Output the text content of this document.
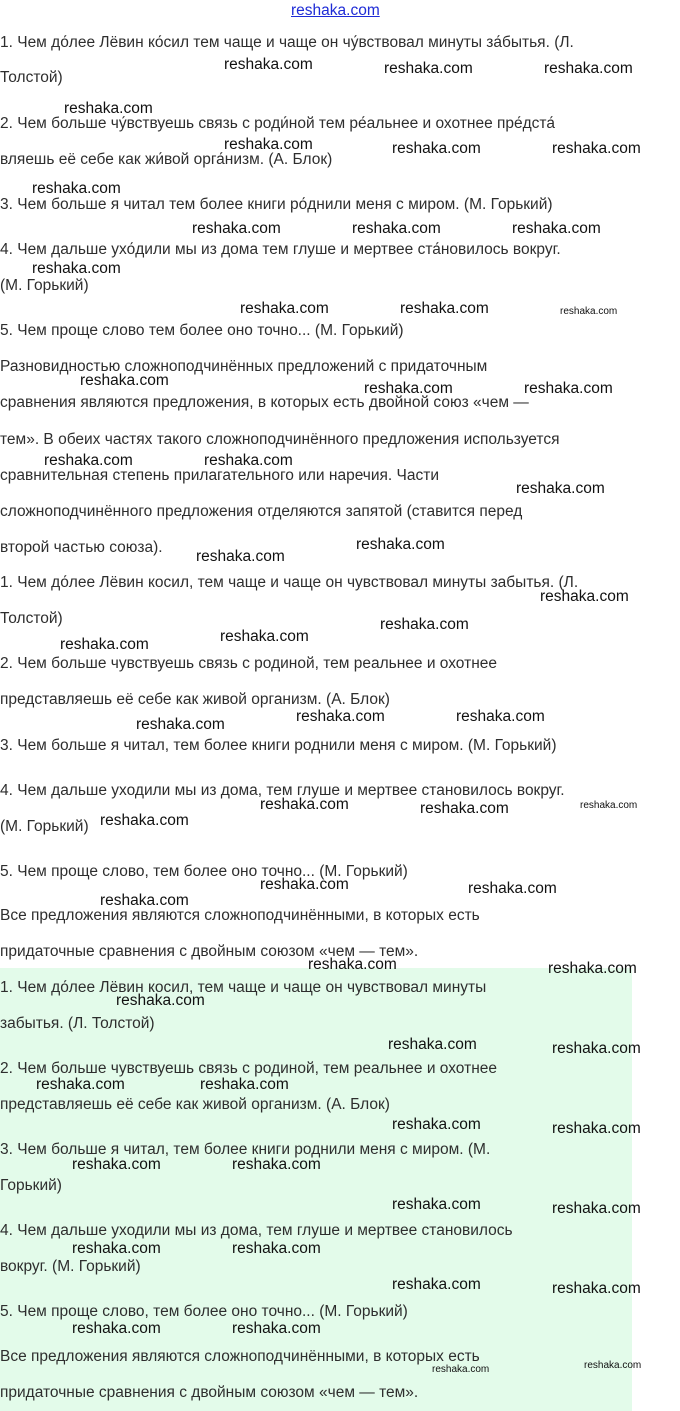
reshaka.com
1. Чем до́лее Лёвин ко́сил тем чаще и чаще он чу́вствовал минуты за́бытья. (Л.
Толстой)
2. Чем больше чу́вствуешь связь с роди́ной тем ре́альнее и охотнее пре́дста́
вляешь её себе как жи́вой орга́низм. (А. Блок)
3. Чем больше я читал тем более книги ро́днили меня с миром. (М. Горький)
4. Чем дальше ухо́дили мы из дома тем глуше и мертвее ста́новилось вокруг.
(М. Горький)
5. Чем проще слово тем более оно точно... (М. Горький)
Разновидностью сложноподчинённых предложений с придаточным
сравнения являются предложения, в которых есть двойной союз «чем —
тем». В обеих частях такого сложноподчинённого предложения используется
сравнительная степень прилагательного или наречия. Части
сложноподчинённого предложения отделяются запятой (ставится перед
второй частью союза).
1. Чем до́лее Лёвин косил, тем чаще и чаще он чувствовал минуты забытья. (Л.
Толстой)
2. Чем больше чувствуешь связь с родиной, тем реальнее и охотнее
представляешь её себе как живой организм. (А. Блок)
3. Чем больше я читал, тем более книги роднили меня с миром. (М. Горький)
4. Чем дальше уходили мы из дома, тем глуше и мертвее становилось вокруг.
(М. Горький)
5. Чем проще слово, тем более оно точно... (М. Горький)
Все предложения являются сложноподчинёнными, в которых есть
придаточные сравнения с двойным союзом «чем — тем».
1. Чем до́лее Лёвин косил, тем чаще и чаще он чувствовал минуты
забытья. (Л. Толстой)
2. Чем больше чувствуешь связь с родиной, тем реальнее и охотнее
представляешь её себе как живой организм. (А. Блок)
3. Чем больше я читал, тем более книги роднили меня с миром. (М.
Горький)
4. Чем дальше уходили мы из дома, тем глуше и мертвее становилось
вокруг. (М. Горький)
5. Чем проще слово, тем более оно точно... (М. Горький)
Все предложения являются сложноподчинёнными, в которых есть
придаточные сравнения с двойным союзом «чем — тем».
reshaka.com	reshaka.com	reshaka.com
reshaka.com
reshaka.com	reshaka.com	reshaka.com
reshaka.com
reshaka.com	reshaka.com	reshaka.com
reshaka.com
reshaka.com	reshaka.com	reshaka.com
reshaka.com	reshaka.com	reshaka.com
reshaka.com	reshaka.com
reshaka.com
reshaka.com
reshaka.com
reshaka.com
reshaka.com	reshaka.com
reshaka.com
reshaka.com	reshaka.com	reshaka.com
reshaka.com	reshaka.com	reshaka.com
reshaka.com
reshaka.com	reshaka.com
reshaka.com
reshaka.com	reshaka.com
reshaka.com
reshaka.com	reshaka.com
reshaka.com	reshaka.com
reshaka.com	reshaka.com
reshaka.com	reshaka.com
reshaka.com	reshaka.com
reshaka.com	reshaka.com
reshaka.com	reshaka.com
reshaka.com	reshaka.com
reshaka.com
reshaka.com
